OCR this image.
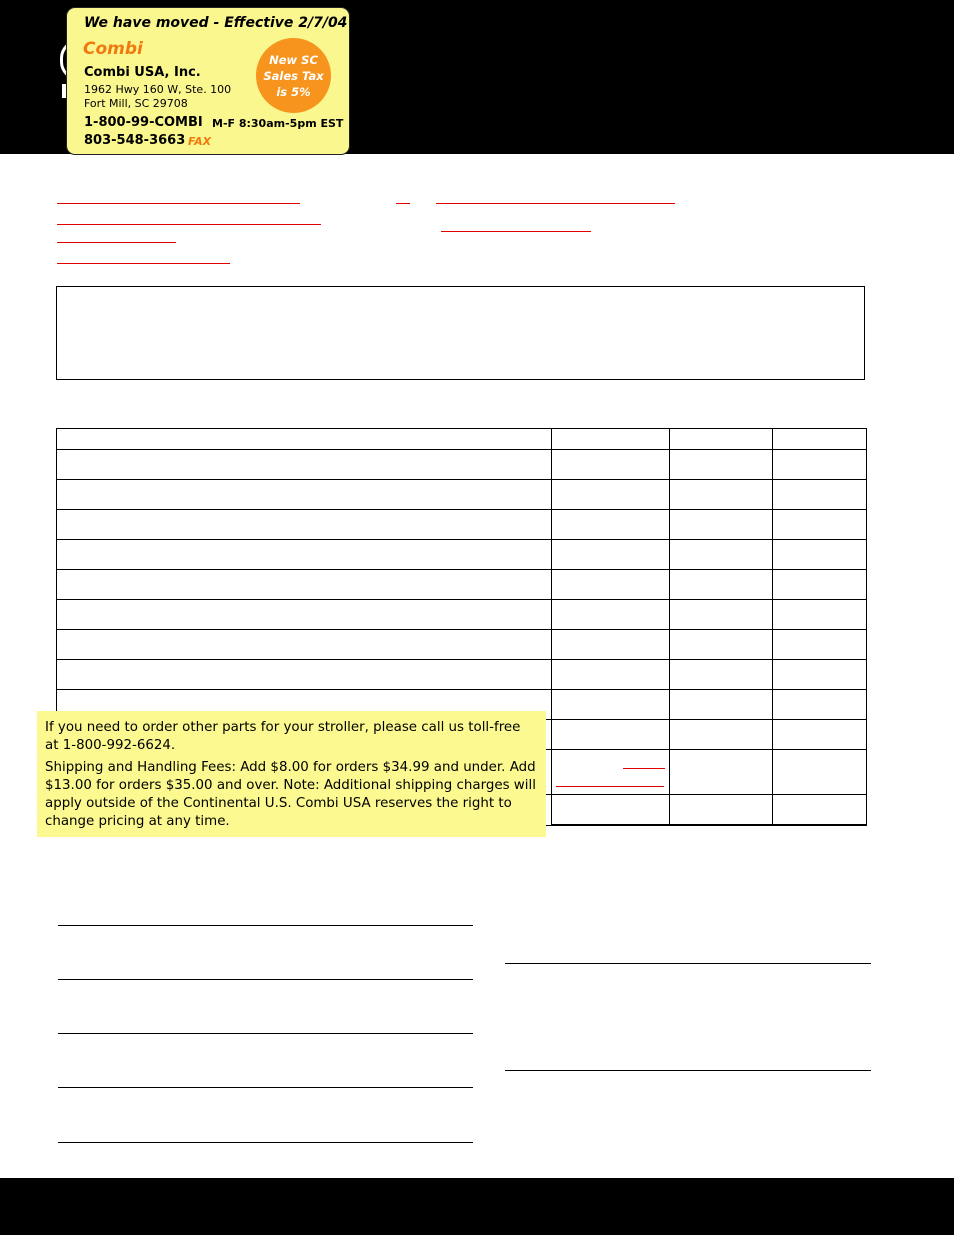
We have moved - Effective 2/7/04
Combi
Combi USA, Inc.
1962 Hwy 160 W, Ste. 100
Fort Mill, SC 29708
1-800-99-COMBI M-F 8:30am-5pm EST
803-548-3663 FAX
New SC Sales Tax is 5%

If you need to order other parts for your stroller, please call us toll-free at 1-800-992-6624.

Shipping and Handling Fees: Add $8.00 for orders $34.99 and under. Add $13.00 for orders $35.00 and over. Note: Additional shipping charges will apply outside of the Continental U.S. Combi USA reserves the right to change pricing at any time.
